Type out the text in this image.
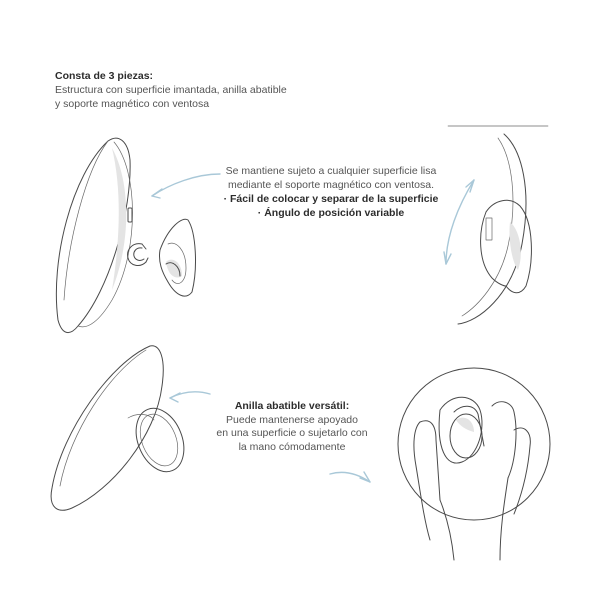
Consta de 3 piezas:
Estructura con superficie imantada, anilla abatible
y soporte magnético con ventosa
Se mantiene sujeto a cualquier superficie lisa
mediante el soporte magnético con ventosa.
· Fácil de colocar y separar de la superficie
· Ángulo de posición variable
Anilla abatible versátil:
Puede mantenerse apoyado
en una superficie o sujetarlo con
la mano cómodamente
